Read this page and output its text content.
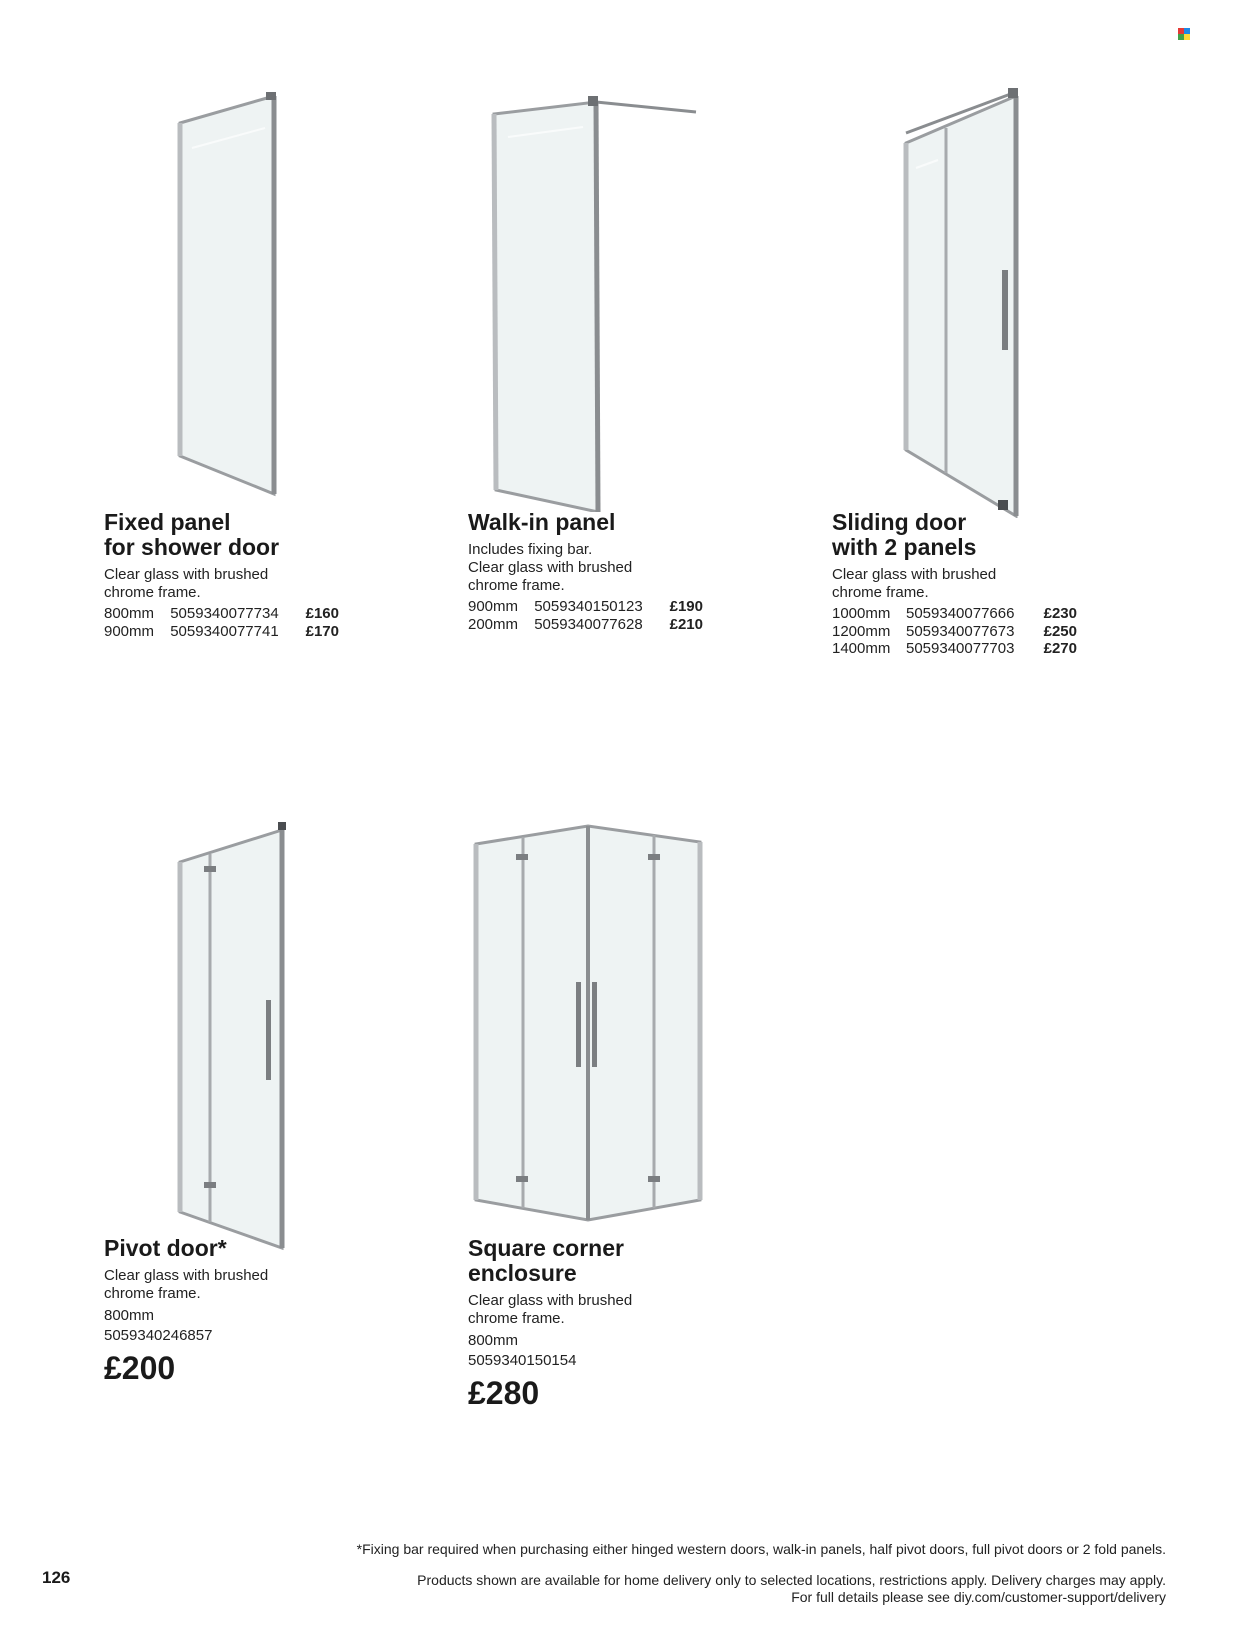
Fixed panel
for shower door
Clear glass with brushed
chrome frame.
800mm	5059340077734	£160
900mm	5059340077741	£170
Walk-in panel
Includes fixing bar.
Clear glass with brushed
chrome frame.
900mm	5059340150123	£190
200mm	5059340077628	£210
Sliding door
with 2 panels
Clear glass with brushed
chrome frame.
1000mm	5059340077666	£230
1200mm	5059340077673	£250
1400mm	5059340077703	£270
Pivot door*
Clear glass with brushed
chrome frame.
800mm
5059340246857
£200
Square corner
enclosure
Clear glass with brushed
chrome frame.
800mm
5059340150154
£280
*Fixing bar required when purchasing either hinged western doors, walk-in panels, half pivot doors, full pivot doors or 2 fold panels.
Products shown are available for home delivery only to selected locations, restrictions apply. Delivery charges may apply.
For full details please see diy.com/customer-support/delivery
126
